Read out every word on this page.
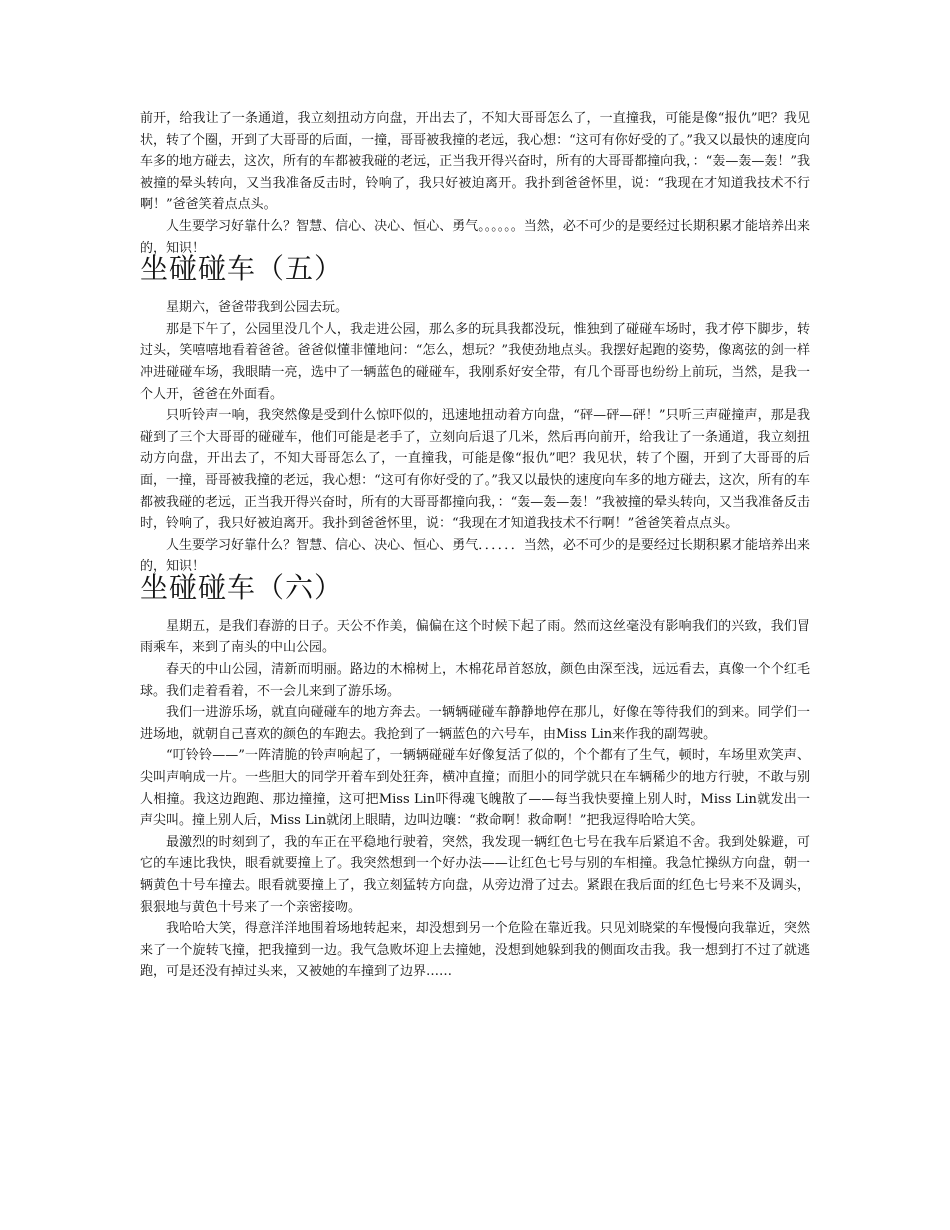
前开，给我让了一条通道，我立刻扭动方向盘，开出去了，不知大哥哥怎么了，一直撞我，可能是像“报仇”吧？我见状，转了个圈，开到了大哥哥的后面，一撞，哥哥被我撞的老远，我心想：“这可有你好受的了。”我又以最快的速度向车多的地方碰去，这次，所有的车都被我碰的老远，正当我开得兴奋时，所有的大哥哥都撞向我，：“轰—轰—轰！”我被撞的晕头转向，又当我准备反击时，铃响了，我只好被迫离开。我扑到爸爸怀里，说：“我现在才知道我技术不行啊！”爸爸笑着点点头。

人生要学习好靠什么？智慧、信心、决心、恒心、勇气。。。。。。当然，必不可少的是要经过长期积累才能培养出来的，知识！

坐碰碰车（五）

星期六，爸爸带我到公园去玩。

那是下午了，公园里没几个人，我走进公园，那么多的玩具我都没玩，惟独到了碰碰车场时，我才停下脚步，转过头，笑嘻嘻地看着爸爸。爸爸似懂非懂地问：“怎么，想玩？”我使劲地点头。我摆好起跑的姿势，像离弦的剑一样冲进碰碰车场，我眼睛一亮，选中了一辆蓝色的碰碰车，我刚系好安全带，有几个哥哥也纷纷上前玩，当然，是我一个人开，爸爸在外面看。

只听铃声一响，我突然像是受到什么惊吓似的，迅速地扭动着方向盘，“砰—砰—砰！”只听三声碰撞声，那是我碰到了三个大哥哥的碰碰车，他们可能是老手了，立刻向后退了几米，然后再向前开，给我让了一条通道，我立刻扭动方向盘，开出去了，不知大哥哥怎么了，一直撞我，可能是像“报仇”吧？我见状，转了个圈，开到了大哥哥的后面，一撞，哥哥被我撞的老远，我心想：“这可有你好受的了。”我又以最快的速度向车多的地方碰去，这次，所有的车都被我碰的老远，正当我开得兴奋时，所有的大哥哥都撞向我，：“轰—轰—轰！”我被撞的晕头转向，又当我准备反击时，铃响了，我只好被迫离开。我扑到爸爸怀里，说：“我现在才知道我技术不行啊！”爸爸笑着点点头。

人生要学习好靠什么？智慧、信心、决心、恒心、勇气．．．．．．当然，必不可少的是要经过长期积累才能培养出来的，知识！

坐碰碰车（六）

星期五，是我们春游的日子。天公不作美，偏偏在这个时候下起了雨。然而这丝毫没有影响我们的兴致，我们冒雨乘车，来到了南头的中山公园。

春天的中山公园，清新而明丽。路边的木棉树上，木棉花昂首怒放，颜色由深至浅，远远看去，真像一个个红毛球。我们走着看着，不一会儿来到了游乐场。

我们一进游乐场，就直向碰碰车的地方奔去。一辆辆碰碰车静静地停在那儿，好像在等待我们的到来。同学们一进场地，就朝自己喜欢的颜色的车跑去。我抢到了一辆蓝色的六号车，由Miss Lin来作我的副驾驶。

“叮铃铃——”一阵清脆的铃声响起了，一辆辆碰碰车好像复活了似的，个个都有了生气，顿时，车场里欢笑声、尖叫声响成一片。一些胆大的同学开着车到处狂奔，横冲直撞；而胆小的同学就只在车辆稀少的地方行驶，不敢与别人相撞。我这边跑跑、那边撞撞，这可把Miss Lin吓得魂飞魄散了——每当我快要撞上别人时，Miss Lin就发出一声尖叫。撞上别人后，Miss Lin就闭上眼睛，边叫边嚷：“救命啊！救命啊！”把我逗得哈哈大笑。

最激烈的时刻到了，我的车正在平稳地行驶着，突然，我发现一辆红色七号在我车后紧追不舍。我到处躲避，可它的车速比我快，眼看就要撞上了。我突然想到一个好办法——让红色七号与别的车相撞。我急忙操纵方向盘，朝一辆黄色十号车撞去。眼看就要撞上了，我立刻猛转方向盘，从旁边滑了过去。紧跟在我后面的红色七号来不及调头，狠狠地与黄色十号来了一个亲密接吻。

我哈哈大笑，得意洋洋地围着场地转起来，却没想到另一个危险在靠近我。只见刘晓棠的车慢慢向我靠近，突然来了一个旋转飞撞，把我撞到一边。我气急败坏迎上去撞她，没想到她躲到我的侧面攻击我。我一想到打不过了就逃跑，可是还没有掉过头来，又被她的车撞到了边界……
